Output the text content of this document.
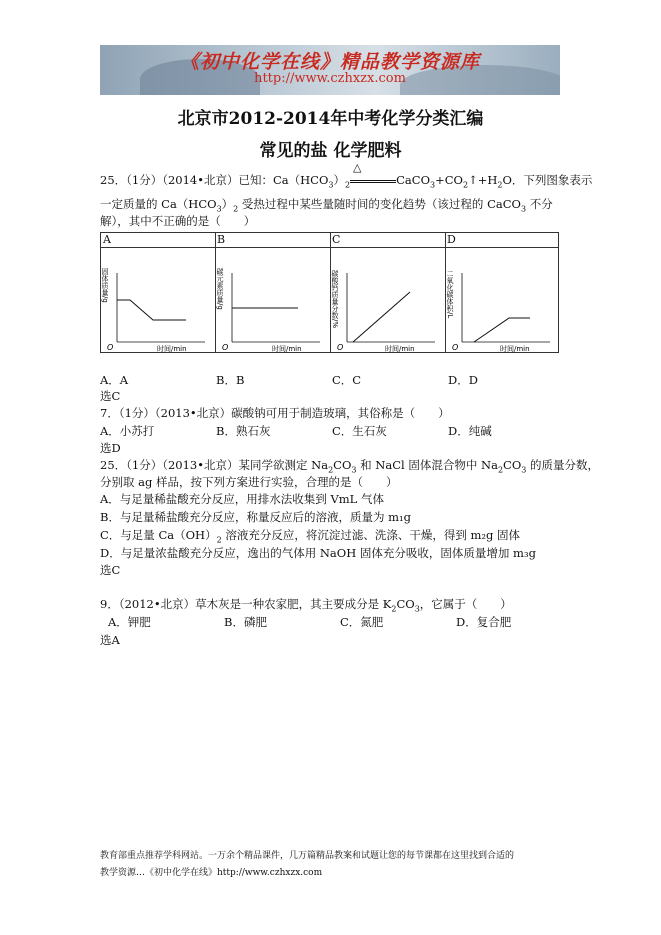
《初中化学在线》精品教学资源库
http://www.czhxzx.com
北京市2012-2014年中考化学分类汇编
常见的盐 化学肥料
25．（1分）（2014•北京）已知：$Ca(HCO_3)_2$	$CaCO_3+CO_2↑+H_2O$．下列图象表示
△
一定质量的 $Ca(HCO_3)_2$ 受热过程中某些量随时间的变化趋势（该过程的 CaCO$_3$ 不分
解），其中不正确的是（　　）
A	B	C	D
固体质量/g
O	时间/min
碳元素质量/g
O	时间/min
碳酸钙质量分数/%
O	时间/min
二氧化碳体积/L
O	时间/min
A．A	B．B	C．C	D．D
选C
7．（1分）（2013•北京）碳酸钠可用于制造玻璃，其俗称是（　　）
A．小苏打	B．熟石灰	C．生石灰	D．纯碱
选D
25．（1分）（2013•北京）某同学欲测定 $Na_2CO_3$ 和 NaCl 固体混合物中 $Na_2CO_3$ 的质量分数，
分别取 ag 样品，按下列方案进行实验，合理的是（　　）
A．与足量稀盐酸充分反应，用排水法收集到 VmL 气体
B．与足量稀盐酸充分反应，称量反应后的溶液，质量为 m₁g
C．与足量 $Ca(OH)_2$ 溶液充分反应，将沉淀过滤、洗涤、干燥，得到 m₂g 固体
D．与足量浓盐酸充分反应，逸出的气体用 NaOH 固体充分吸收，固体质量增加 m₃g
选C
9．（2012•北京）草木灰是一种农家肥，其主要成分是 $K_2CO_3$，它属于（　　）
A．钾肥	B．磷肥	C．氮肥	D．复合肥
选A
教育部重点推荐学科网站。一万余个精品课件，几万篇精品教案和试题让您的每节课都在这里找到合适的
教学资源…《初中化学在线》http://www.czhxzx.com
